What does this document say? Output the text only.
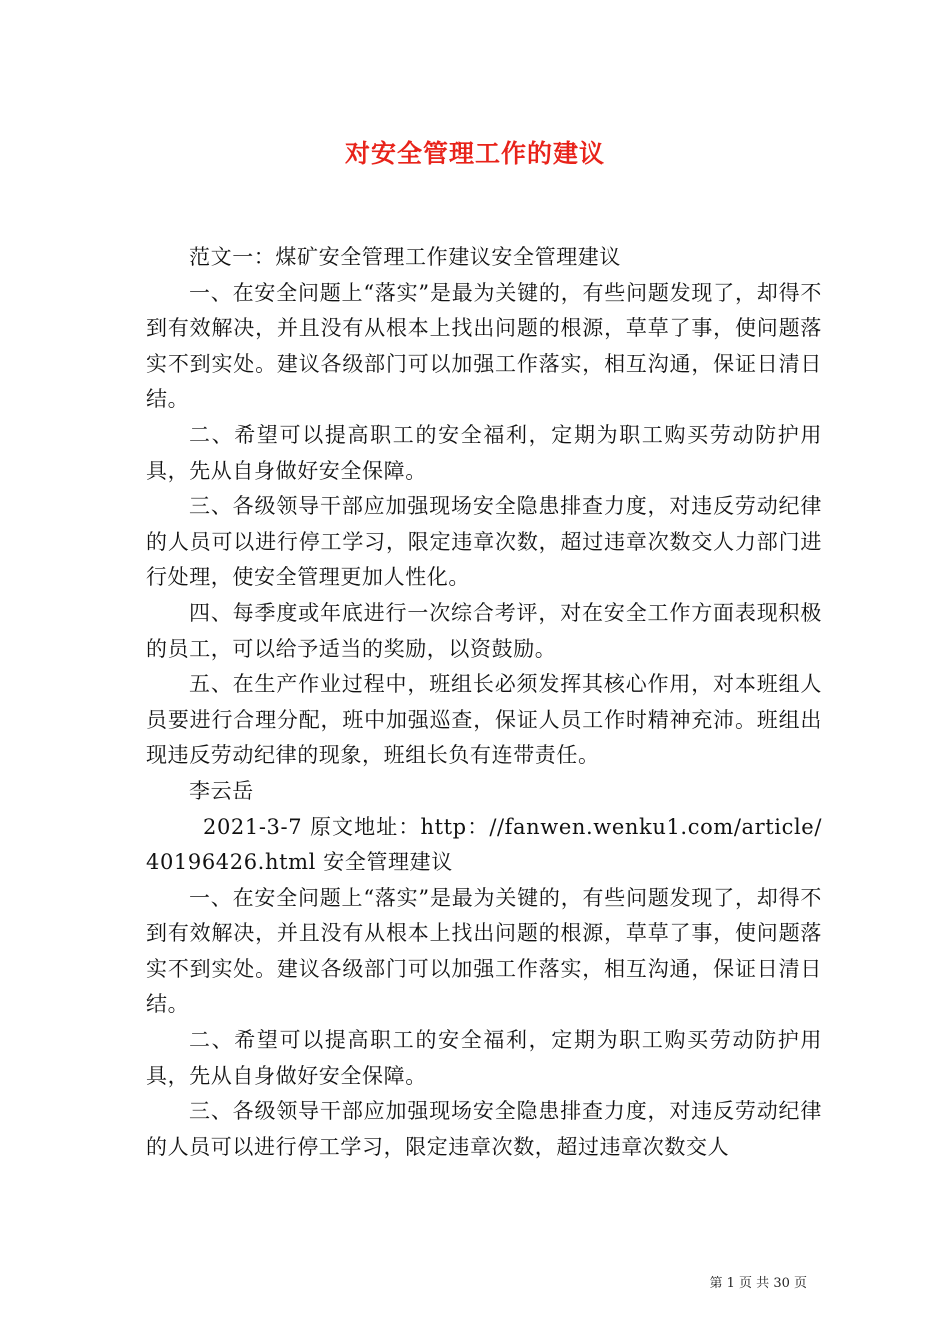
对安全管理工作的建议

范文一：煤矿安全管理工作建议安全管理建议

一、在安全问题上“落实”是最为关键的，有些问题发现了，却得不到有效解决，并且没有从根本上找出问题的根源，草草了事，使问题落实不到实处。建议各级部门可以加强工作落实，相互沟通，保证日清日结。

二、希望可以提高职工的安全福利，定期为职工购买劳动防护用具，先从自身做好安全保障。

三、各级领导干部应加强现场安全隐患排查力度，对违反劳动纪律的人员可以进行停工学习，限定违章次数，超过违章次数交人力部门进行处理，使安全管理更加人性化。

四、每季度或年底进行一次综合考评，对在安全工作方面表现积极的员工，可以给予适当的奖励，以资鼓励。

五、在生产作业过程中，班组长必须发挥其核心作用，对本班组人员要进行合理分配，班中加强巡查，保证人员工作时精神充沛。班组出现违反劳动纪律的现象，班组长负有连带责任。

李云岳

2021-3-7 原文地址：http：//fanwen.wenku1.com/article/40196426.html 安全管理建议

一、在安全问题上“落实”是最为关键的，有些问题发现了，却得不到有效解决，并且没有从根本上找出问题的根源，草草了事，使问题落实不到实处。建议各级部门可以加强工作落实，相互沟通，保证日清日结。

二、希望可以提高职工的安全福利，定期为职工购买劳动防护用具，先从自身做好安全保障。

三、各级领导干部应加强现场安全隐患排查力度，对违反劳动纪律的人员可以进行停工学习，限定违章次数，超过违章次数交人

第 1 页 共 30 页
